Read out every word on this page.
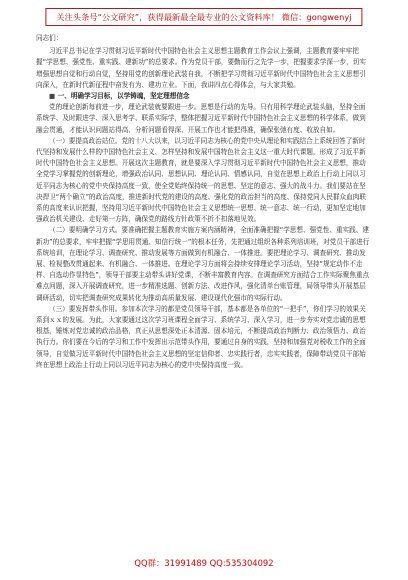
关注头条号“公文研究”，获得最新最全最专业的公文资料库！ 微信：gongwenyj

同志们：

习近平总书记在学习贯彻习近平新时代中国特色社会主义思想主题教育工作会议上强调，主题教育要牢牢把握“学思想、强党性、重实践、建新功”的总要求。作为党员干部，要勤而行之先学一步，把握要求学深一步，切实增强思想自觉和行动自觉，坚持用党的创新理论武装自我，不断把学习贯彻习近平新时代中国特色社会主义思想引向深入，在新时代新征程中奋发有为、建功立业。下面，我讲四点心得体会，与大家共勉。

■ 一、明确学习目标，以学铸魂，坚定理想信念

党的理论创新每前进一步，理论武装就要跟进一步。思想是行动的先导。只有用科学理论武装头脑，坚持全面系统学、及时跟进学、深入思考学、联系实际学，整体把握习近平新时代中国特色社会主义思想的科学体系，做到融会贯通，才能认识问题站得高、分析问题看得深、开展工作也才能把得准，确保张弛有度、收放自如。

（一）要提高政治站位。党的十八大以来，以习近平同志为核心的党中央从理论和实践结合上系统回答了新时代坚持和发展什么样的中国特色社会主义、怎样坚持和发展中国特色社会主义这一重大时代课题，形成了习近平新时代中国特色社会主义思想。开展这次主题教育，就是要深入学习贯彻习近平新时代中国特色社会主义思想，推动全党学习掌握党的创新理论，增强政治认同、思想认同、理论认同、情感认同，自觉在思想上政治上行动上同以习近平同志为核心的党中央保持高度一致，使全党始终保持统一的思想、坚定的意志、强大的战斗力。我们要站在坚决捍卫“两个确立”的政治高度，推进新时代党的建设的高度、强化党的政治担当的高度、保持党同人民群众血肉联系的高度来认识把握，坚持用习近平新时代中国特色社会主义思想统一思想、统一意志、统一行动，更加坚定地加强政治机关建设、走好第一方阵，确保党的路线方针政策不折不扣落地见效。

（二）要明确学习方式。要准确把握主题教育实施方案内涵精神，全面准确把握“学思想、强党性、重实践、建新功”的总要求，牢牢把握“学思用贯通、知信行统一”的根本任务，先把通过组织各种系列培训班，对党员干部进行系统培训，在理论学习、调查研究、推动发展等方面做到有机融合、一体推进。要把理论学习、调查研究、推动发展、检视整改贯通起来、有机融合、一体推进。在理论学习方面将会持续安排理论学习活动，坚持“规定动作不走样、自选动作显特色”，领导干部要主动带头讲好党课，不断丰富教育内容。在调查研究方面结合工作实际聚焦重点难点问题，深入开展调查研究，进一步精准选题、创新方法、改进作风，强化清单台账管理，局领导带头开展基层调研活动，切实把调查研究成果转化为推动高质量发展、建设现代化强市的实际行动。

（三）要发挥带头作用。参加本次学习的都是党员领导干部，基本都是各单位的“一把手”，你们学习的效果关系到ｘｘ的发展。为此，大家要通过这次学习班课程全面学习、系统学习、深入学习，进一步夯实对党忠诚的思想根基，锤炼对党忠诚的政治品格，真正从思想深处正本清源、固本培元，不断提高政治判断力、政治领悟力、政治执行力。你们要在今后的学习和工作中发挥出示范带头作用，要通过自身的实践，坚持和加强党对税收工作的全面领导，自觉做习近平新时代中国特色社会主义思想的坚定信仰者、忠实践行者，忠实实践者，保障带动党员干部始终在思想上政治上行动上同以习近平同志为核心的党中央保持高度一致。

QQ群：31991489 QQ:535304092
